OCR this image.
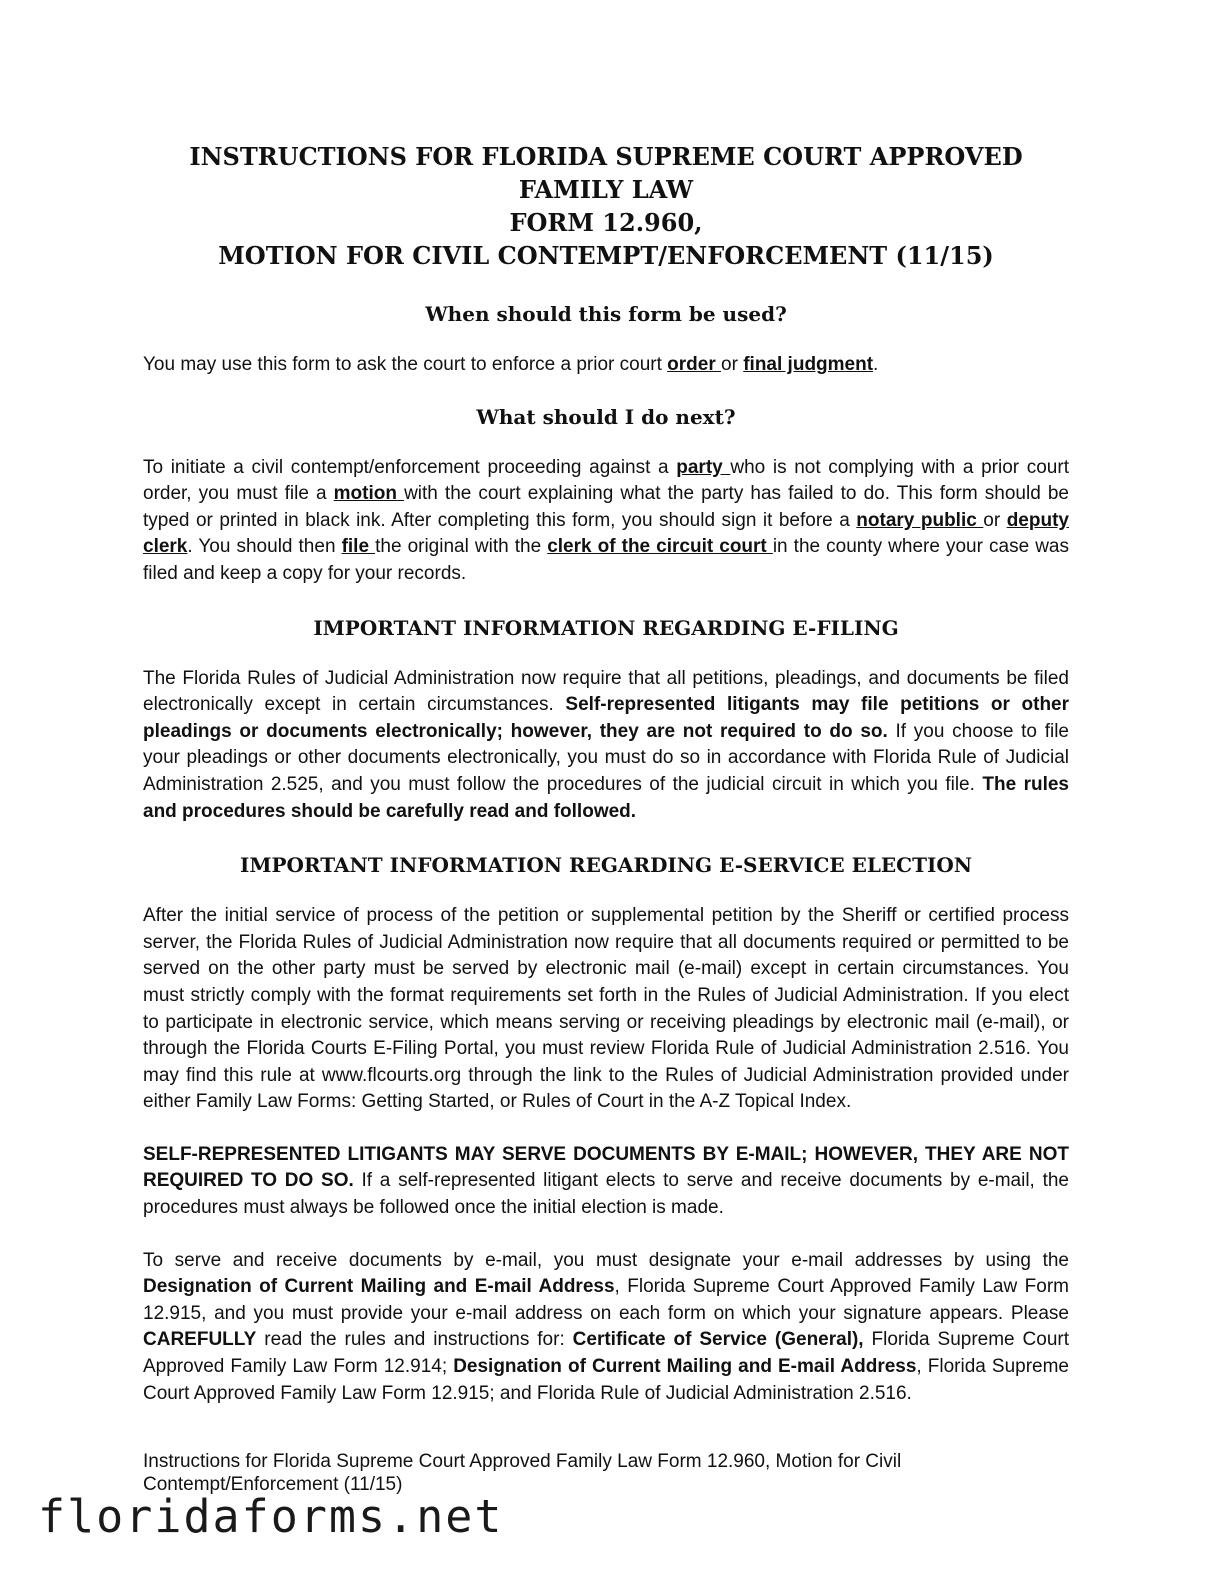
INSTRUCTIONS FOR FLORIDA SUPREME COURT APPROVED FAMILY LAW
FORM 12.960,
MOTION FOR CIVIL CONTEMPT/ENFORCEMENT (11/15)
When should this form be used?

You may use this form to ask the court to enforce a prior court order or final judgment.

What should I do next?

To initiate a civil contempt/enforcement proceeding against a party who is not complying with a prior court order, you must file a motion with the court explaining what the party has failed to do. This form should be typed or printed in black ink. After completing this form, you should sign it before a notary public or deputy clerk. You should then file the original with the clerk of the circuit court in the county where your case was filed and keep a copy for your records.

IMPORTANT INFORMATION REGARDING E-FILING

The Florida Rules of Judicial Administration now require that all petitions, pleadings, and documents be filed electronically except in certain circumstances. Self-represented litigants may file petitions or other pleadings or documents electronically; however, they are not required to do so. If you choose to file your pleadings or other documents electronically, you must do so in accordance with Florida Rule of Judicial Administration 2.525, and you must follow the procedures of the judicial circuit in which you file. The rules and procedures should be carefully read and followed.

IMPORTANT INFORMATION REGARDING E-SERVICE ELECTION

After the initial service of process of the petition or supplemental petition by the Sheriff or certified process server, the Florida Rules of Judicial Administration now require that all documents required or permitted to be served on the other party must be served by electronic mail (e-mail) except in certain circumstances. You must strictly comply with the format requirements set forth in the Rules of Judicial Administration. If you elect to participate in electronic service, which means serving or receiving pleadings by electronic mail (e-mail), or through the Florida Courts E-Filing Portal, you must review Florida Rule of Judicial Administration 2.516. You may find this rule at www.flcourts.org through the link to the Rules of Judicial Administration provided under either Family Law Forms: Getting Started, or Rules of Court in the A-Z Topical Index.

SELF-REPRESENTED LITIGANTS MAY SERVE DOCUMENTS BY E-MAIL; HOWEVER, THEY ARE NOT REQUIRED TO DO SO. If a self-represented litigant elects to serve and receive documents by e-mail, the procedures must always be followed once the initial election is made.

To serve and receive documents by e-mail, you must designate your e-mail addresses by using the Designation of Current Mailing and E-mail Address, Florida Supreme Court Approved Family Law Form 12.915, and you must provide your e-mail address on each form on which your signature appears. Please CAREFULLY read the rules and instructions for: Certificate of Service (General), Florida Supreme Court Approved Family Law Form 12.914; Designation of Current Mailing and E-mail Address, Florida Supreme Court Approved Family Law Form 12.915; and Florida Rule of Judicial Administration 2.516.

Instructions for Florida Supreme Court Approved Family Law Form 12.960, Motion for Civil Contempt/Enforcement (11/15)

floridaforms.net
